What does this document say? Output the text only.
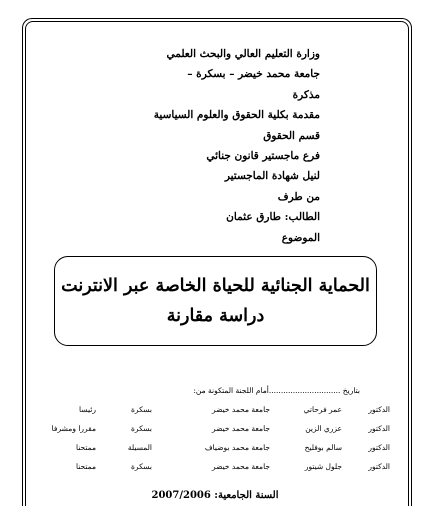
وزارة التعليم العالي والبحث العلمي
جامعة محمد خيضر – بسكرة –
مذكرة
مقدمة بكلية الحقوق والعلوم السياسية
قسم الحقوق
فرع ماجستير قانون جنائي
لنيل شهادة الماجستير
من طرف
الطالب: طارق عثمان
الموضوع
الحماية الجنائية للحياة الخاصة عبر الانترنت
دراسة مقارنة
بتاريخ ..............................أمام اللجنة المتكونة من:
الدكتور
عمر فرحاتي
جامعة محمد خيضر
بسكرة
رئيسا
الدكتور
عزري الزين
جامعة محمد خيضر
بسكرة
مقررا ومشرفا
الدكتور
سالم بوفليح
جامعة محمد بوضياف
المسيلة
ممتحنا
الدكتور
جلول شيتور
جامعة محمد خيضر
بسكرة
ممتحنا
السنة الجامعية: 2007/2006
